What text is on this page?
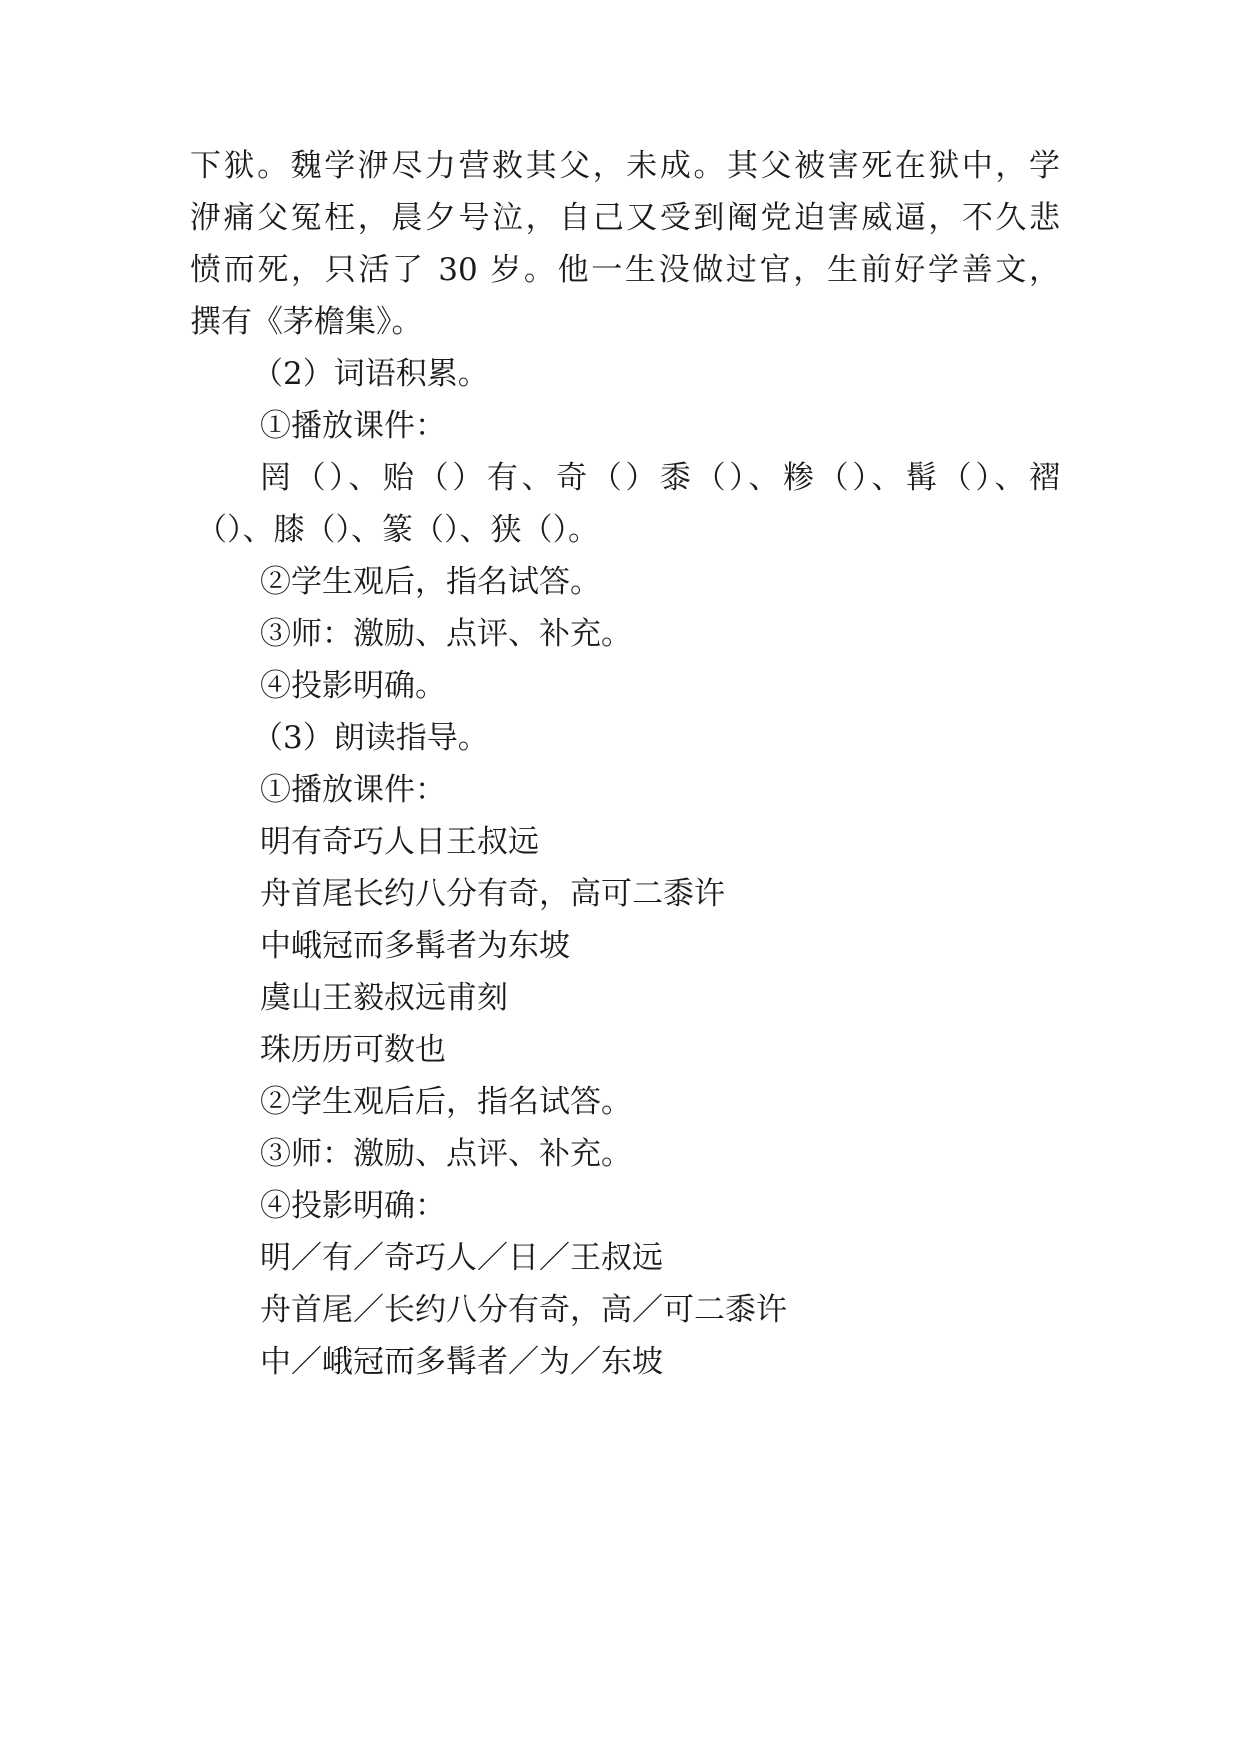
下狱。魏学洢尽力营救其父，未成。其父被害死在狱中，学
洢痛父冤枉，晨夕号泣，自己又受到阉党迫害威逼，不久悲
愤而死，只活了 30 岁。他一生没做过官，生前好学善文，
撰有《茅檐集》。
（2）词语积累。
①播放课件：
罔（）、贻（）有、奇（）黍（）、糁（）、髯（）、褶
（）、膝（）、篆（）、狭（）。
②学生观后，指名试答。
③师：激励、点评、补充。
④投影明确。
（3）朗读指导。
①播放课件：
明有奇巧人日王叔远
舟首尾长约八分有奇，高可二黍许
中峨冠而多髯者为东坡
虞山王毅叔远甫刻
珠历历可数也
②学生观后后，指名试答。
③师：激励、点评、补充。
④投影明确：
明／有／奇巧人／日／王叔远
舟首尾／长约八分有奇，高／可二黍许
中／峨冠而多髯者／为／东坡
